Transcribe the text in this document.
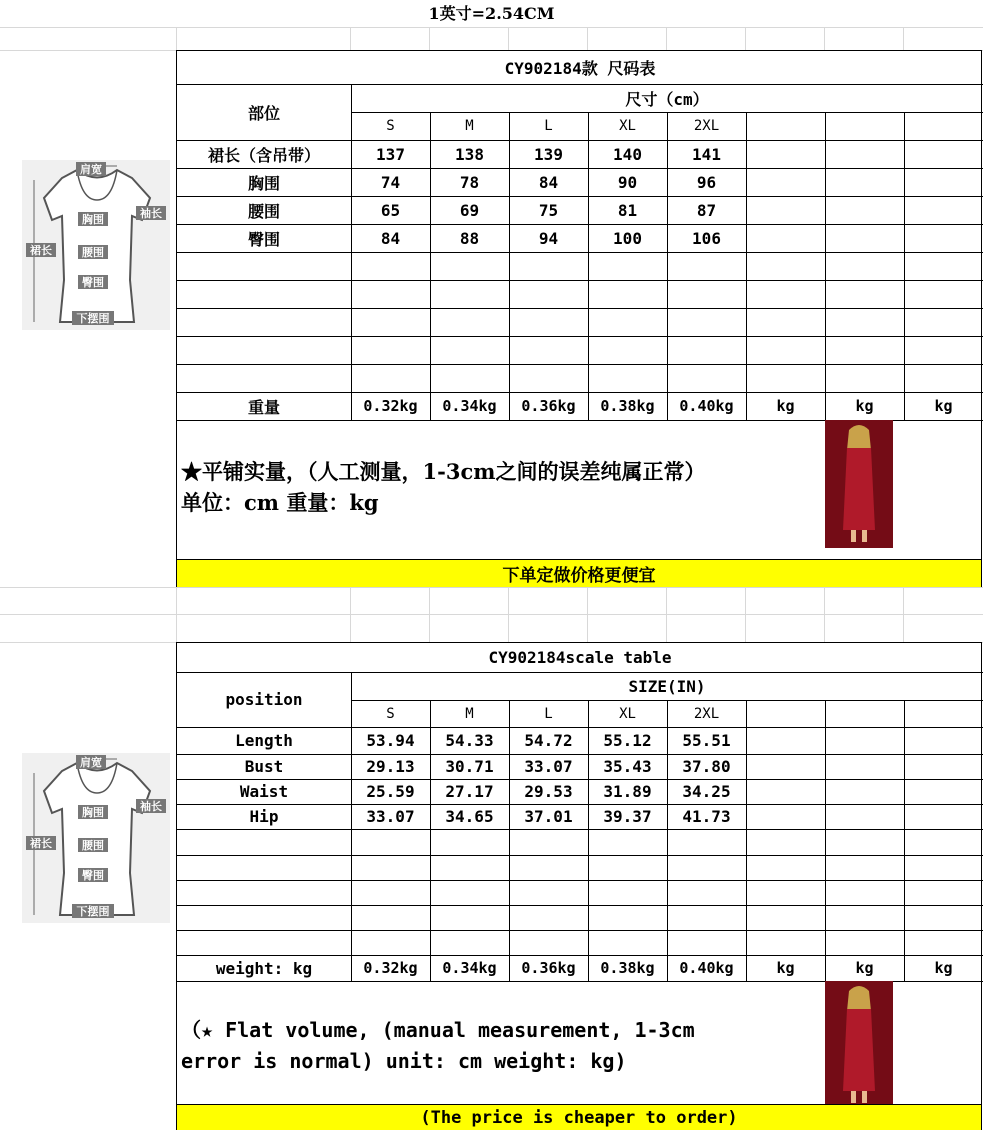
1英寸=2.54CM
肩宽
袖长
胸围
裙长	腰围
臀围
下摆围
肩宽
袖长
胸围
裙长	腰围
臀围
下摆围
CY902184款 尺码表
部位
尺寸（cm）
S	M	L	XL	2XL
裙长（含吊带）	137	138	139	140	141
胸围	74	78	84	90	96
腰围	65	69	75	81	87
臀围	84	88	94	100	106
重量	0.32kg	0.34kg	0.36kg	0.38kg	0.40kg	kg	kg	kg
★平铺实量，（人工测量，1-3cm之间的误差纯属正常）
单位：cm 重量：kg
下单定做价格更便宜
CY902184scale table
position
SIZE(IN)
S	M	L	XL	2XL
Length	53.94	54.33	54.72	55.12	55.51
Bust	29.13	30.71	33.07	35.43	37.80
Waist	25.59	27.17	29.53	31.89	34.25
Hip	33.07	34.65	37.01	39.37	41.73
weight: kg	0.32kg	0.34kg	0.36kg	0.38kg	0.40kg	kg	kg	kg
（★ Flat volume, (manual measurement, 1-3cm
error is normal) unit: cm weight: kg)
(The price is cheaper to order)
